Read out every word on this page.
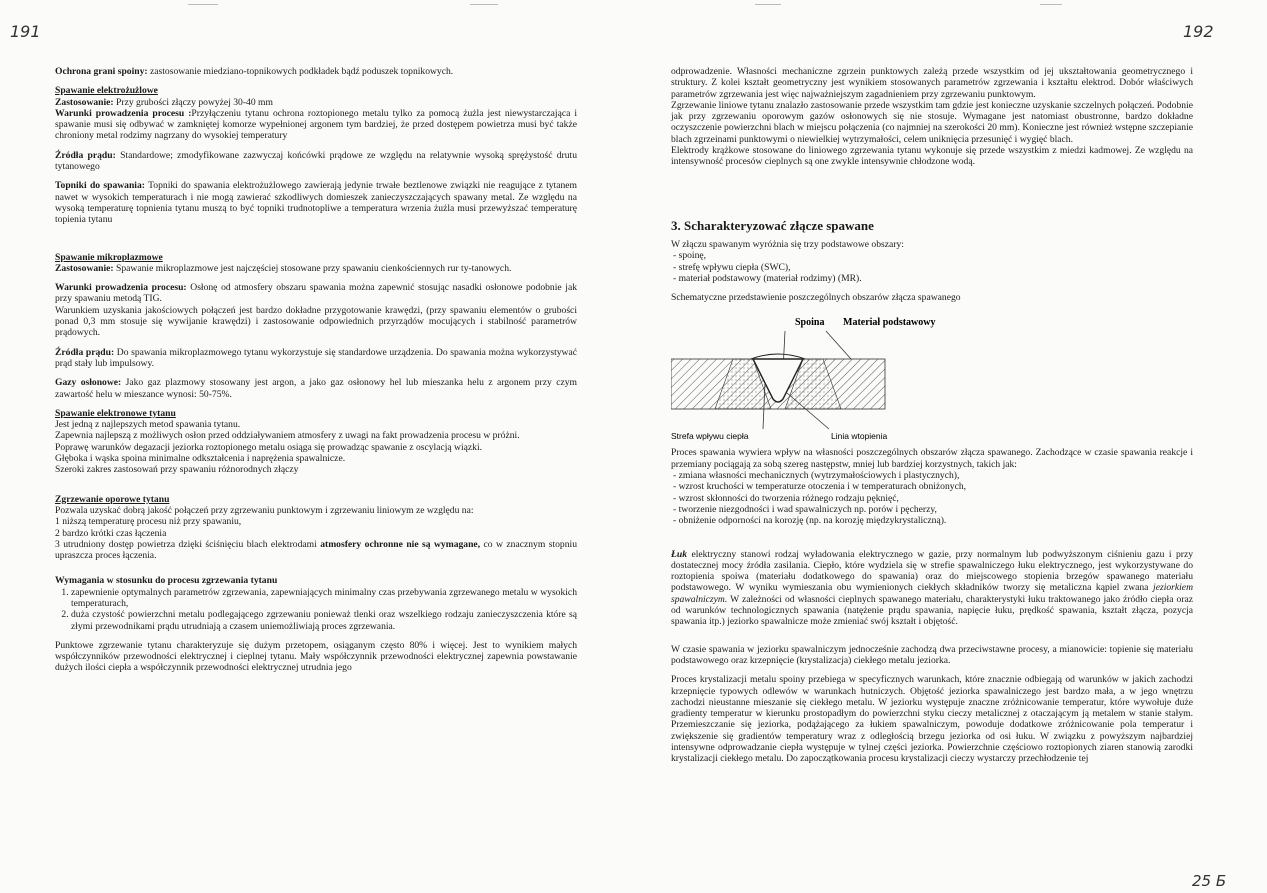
191	192
25 Б

Ochrona grani spoiny: zastosowanie miedziano-topnikowych podkładek bądź poduszek topnikowych.

Spawanie elektrożużlowe

Zastosowanie: Przy grubości złączy powyżej 30-40 mm

Warunki prowadzenia procesu :Przyłączeniu tytanu ochrona roztopionego metalu tylko za pomocą żużla jest niewystarczająca i spawanie musi się odbywać w zamkniętej komorze wypełnionej argonem tym bardziej, że przed dostępem powietrza musi być także chroniony metal rodzimy nagrzany do wysokiej temperatury

Źródła prądu: Standardowe; zmodyfikowane zazwyczaj końcówki prądowe ze względu na relatywnie wysoką sprężystość drutu tytanowego

Topniki do spawania: Topniki do spawania elektrożużlowego zawierają jedynie trwałe beztlenowe związki nie reagujące z tytanem nawet w wysokich temperaturach i nie mogą zawierać szkodliwych domieszek zanieczyszczających spawany metal. Ze względu na wysoką temperaturę topnienia tytanu muszą to być topniki trudnotopliwe a temperatura wrzenia żużla musi przewyższać temperaturę topienia tytanu

Spawanie mikroplazmowe

Zastosowanie: Spawanie mikroplazmowe jest najczęściej stosowane przy spawaniu cienkościennych rur ty-tanowych.

Warunki prowadzenia procesu: Osłonę od atmosfery obszaru spawania można zapewnić stosując nasadki osłonowe podobnie jak przy spawaniu metodą TIG.

Warunkiem uzyskania jakościowych połączeń jest bardzo dokładne przygotowanie krawędzi, (przy spawaniu elementów o grubości ponad 0,3 mm stosuje się wywijanie krawędzi) i zastosowanie odpowiednich przyrządów mocujących i stabilność parametrów prądowych.

Źródła prądu: Do spawania mikroplazmowego tytanu wykorzystuje się standardowe urządzenia. Do spawania można wykorzystywać prąd stały lub impulsowy.

Gazy osłonowe: Jako gaz plazmowy stosowany jest argon, a jako gaz osłonowy hel lub mieszanka helu z argonem przy czym zawartość helu w mieszance wynosi: 50-75%.

Spawanie elektronowe tytanu

Jest jedną z najlepszych metod spawania tytanu.

Zapewnia najlepszą z możliwych osłon przed oddziaływaniem atmosfery z uwagi na fakt prowadzenia procesu w próżni.

Poprawę warunków degazacji jeziorka roztopionego metalu osiąga się prowadząc spawanie z oscylacją wiązki.

Głęboka i wąska spoina minimalne odkształcenia i naprężenia spawalnicze.

Szeroki zakres zastosowań przy spawaniu różnorodnych złączy

Zgrzewanie oporowe tytanu

Pozwala uzyskać dobrą jakość połączeń przy zgrzewaniu punktowym i zgrzewaniu liniowym ze względu na:

1 niższą temperaturę procesu niż przy spawaniu,

2 bardzo krótki czas łączenia

3 utrudniony dostęp powietrza dzięki ściśnięciu blach elektrodami atmosfery ochronne nie są wymagane, co w znacznym stopniu upraszcza proces łączenia.

Wymagania w stosunku do procesu zgrzewania tytanu

1. zapewnienie optymalnych parametrów zgrzewania, zapewniających minimalny czas przebywania zgrzewanego metalu w wysokich temperaturach,
2. duża czystość powierzchni metalu podlegającego zgrzewaniu ponieważ tlenki oraz wszelkiego rodzaju zanieczyszczenia które są złymi przewodnikami prądu utrudniają a czasem uniemożliwiają proces zgrzewania.

Punktowe zgrzewanie tytanu charakteryzuje się dużym przetopem, osiąganym często 80% i więcej. Jest to wynikiem małych współczynników przewodności elektrycznej i cieplnej tytanu. Mały współczynnik przewodności elektrycznej zapewnia powstawanie dużych ilości ciepła a współczynnik przewodności elektrycznej utrudnia jego

odprowadzenie. Własności mechaniczne zgrzein punktowych zależą przede wszystkim od jej ukształtowania geometrycznego i struktury. Z kolei kształt geometryczny jest wynikiem stosowanych parametrów zgrzewania i kształtu elektrod. Dobór właściwych parametrów zgrzewania jest więc najważniejszym zagadnieniem przy zgrzewaniu punktowym.

Zgrzewanie liniowe tytanu znalazło zastosowanie przede wszystkim tam gdzie jest konieczne uzyskanie szczelnych połączeń. Podobnie jak przy zgrzewaniu oporowym gazów osłonowych się nie stosuje. Wymagane jest natomiast obustronne, bardzo dokładne oczyszczenie powierzchni blach w miejscu połączenia (co najmniej na szerokości 20 mm). Konieczne jest również wstępne szczepianie blach zgrzeinami punktowymi o niewielkiej wytrzymałości, celem uniknięcia przesunięć i wygięć blach.

Elektrody krążkowe stosowane do liniowego zgrzewania tytanu wykonuje się przede wszystkim z miedzi kadmowej. Ze względu na intensywność procesów cieplnych są one zwykle intensywnie chłodzone wodą.

3. Scharakteryzować złącze spawane

W złączu spawanym wyróżnia się trzy podstawowe obszary:

- spoinę,
- strefę wpływu ciepła (SWC),
- materiał podstawowy (materiał rodzimy) (MR).

Schematyczne przedstawienie poszczególnych obszarów złącza spawanego

Spoina Materiał podstawowy
Strefa wpływu ciepła	Linia wtopienia

Proces spawania wywiera wpływ na własności poszczególnych obszarów złącza spawanego. Zachodzące w czasie spawania reakcje i przemiany pociągają za sobą szereg następstw, mniej lub bardziej korzystnych, takich jak:

- zmiana własności mechanicznych (wytrzymałościowych i plastycznych),
- wzrost kruchości w temperaturze otoczenia i w temperaturach obniżonych,
- wzrost skłonności do tworzenia różnego rodzaju pęknięć,
- tworzenie niezgodności i wad spawalniczych np. porów i pęcherzy,
- obniżenie odporności na korozję (np. na korozję międzykrystaliczną).

Łuk elektryczny stanowi rodzaj wyładowania elektrycznego w gazie, przy normalnym lub podwyższonym ciśnieniu gazu i przy dostatecznej mocy źródła zasilania. Ciepło, które wydziela się w strefie spawalniczego łuku elektrycznego, jest wykorzystywane do roztopienia spoiwa (materiału dodatkowego do spawania) oraz do miejscowego stopienia brzegów spawanego materiału podstawowego. W wyniku wymieszania obu wymienionych ciekłych składników tworzy się metaliczna kąpiel zwana jeziorkiem spawalniczym. W zależności od własności cieplnych spawanego materiału, charakterystyki łuku traktowanego jako źródło ciepła oraz od warunków technologicznych spawania (natężenie prądu spawania, napięcie łuku, prędkość spawania, kształt złącza, pozycja spawania itp.) jeziorko spawalnicze może zmieniać swój kształt i objętość.

W czasie spawania w jeziorku spawalniczym jednocześnie zachodzą dwa przeciwstawne procesy, a mianowicie: topienie się materiału podstawowego oraz krzepnięcie (krystalizacja) ciekłego metalu jeziorka.

Proces krystalizacji metalu spoiny przebiega w specyficznych warunkach, które znacznie odbiegają od warunków w jakich zachodzi krzepnięcie typowych odlewów w warunkach hutniczych. Objętość jeziorka spawalniczego jest bardzo mała, a w jego wnętrzu zachodzi nieustanne mieszanie się ciekłego metalu. W jeziorku występuje znaczne zróżnicowanie temperatur, które wywołuje duże gradienty temperatur w kierunku prostopadłym do powierzchni styku cieczy metalicznej z otaczającym ją metalem w stanie stałym. Przemieszczanie się jeziorka, podążającego za łukiem spawalniczym, powoduje dodatkowe zróżnicowanie pola temperatur i zwiększenie się gradientów temperatury wraz z odległością brzegu jeziorka od osi łuku. W związku z powyższym najbardziej intensywne odprowadzanie ciepła występuje w tylnej części jeziorka. Powierzchnie częściowo roztopionych ziaren stanowią zarodki krystalizacji ciekłego metalu. Do zapoczątkowania procesu krystalizacji cieczy wystarczy przechłodzenie tej
